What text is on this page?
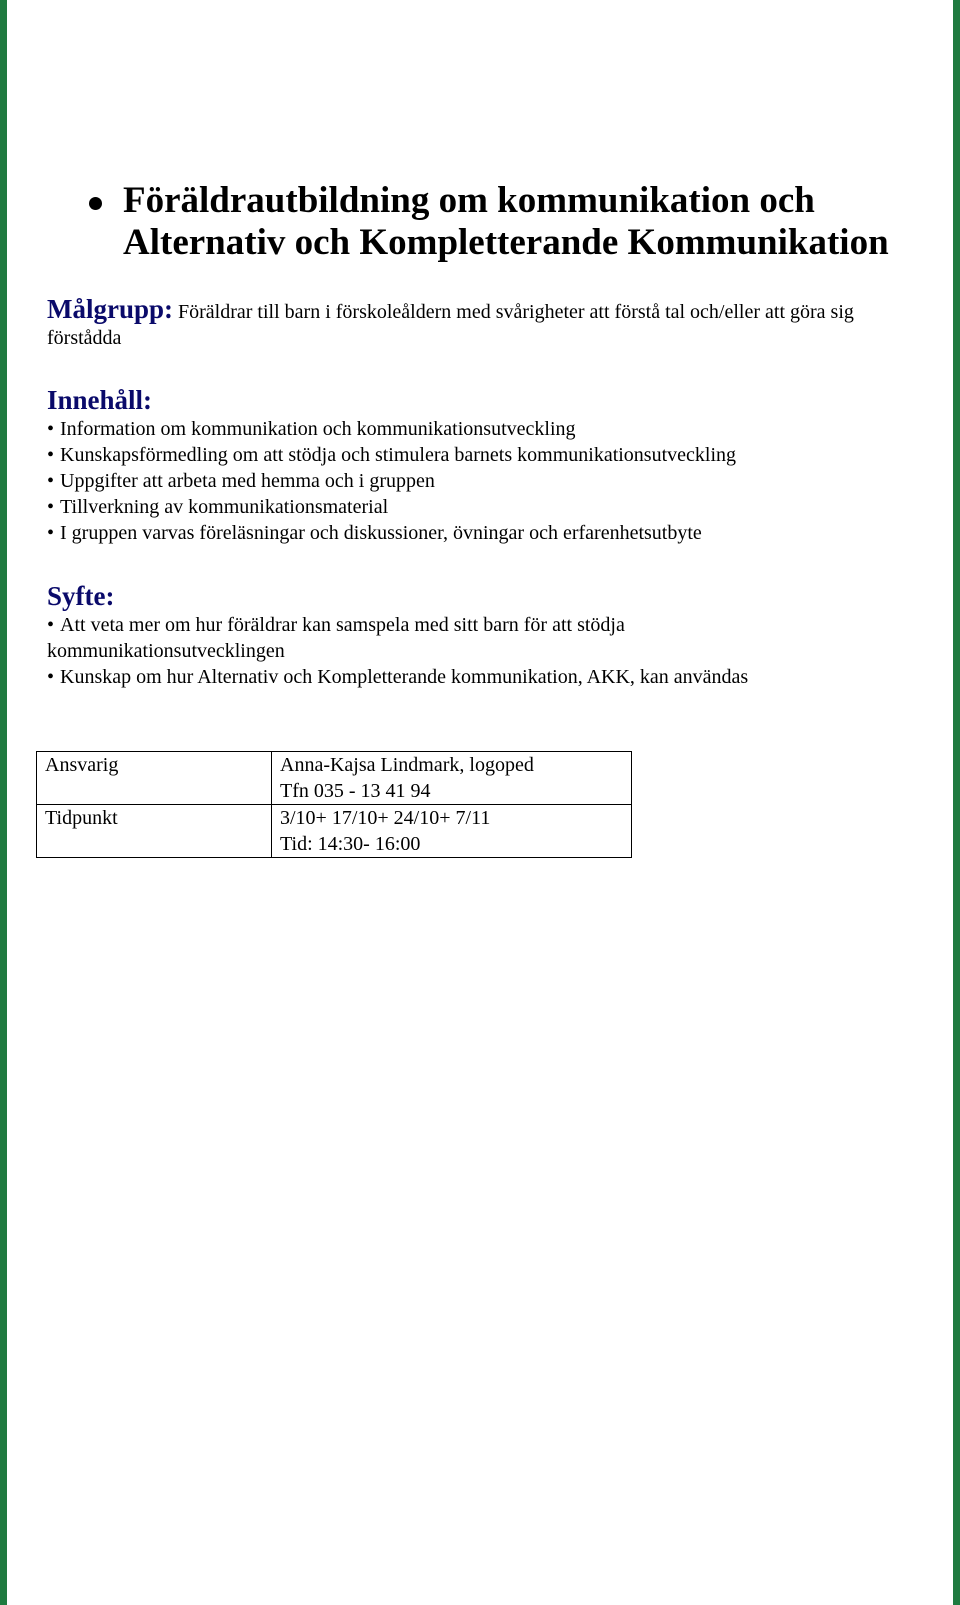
Föräldrautbildning om kommunikation och
Alternativ och Kompletterande Kommunikation
Målgrupp: Föräldrar till barn i förskoleåldern med svårigheter att förstå tal och/eller att göra sig förstådda
Innehåll:
• Information om kommunikation och kommunikationsutveckling
• Kunskapsförmedling om att stödja och stimulera barnets kommunikationsutveckling
• Uppgifter att arbeta med hemma och i gruppen
• Tillverkning av kommunikationsmaterial
• I gruppen varvas föreläsningar och diskussioner, övningar och erfarenhetsutbyte
Syfte:
• Att veta mer om hur föräldrar kan samspela med sitt barn för att stödja kommunikationsutvecklingen
• Kunskap om hur Alternativ och Kompletterande kommunikation, AKK, kan användas
Ansvarig	Anna-Kajsa Lindmark, logoped
Tfn 035 - 13 41 94

Tidpunkt	3/10+ 17/10+ 24/10+ 7/11
Tid: 14:30- 16:00
